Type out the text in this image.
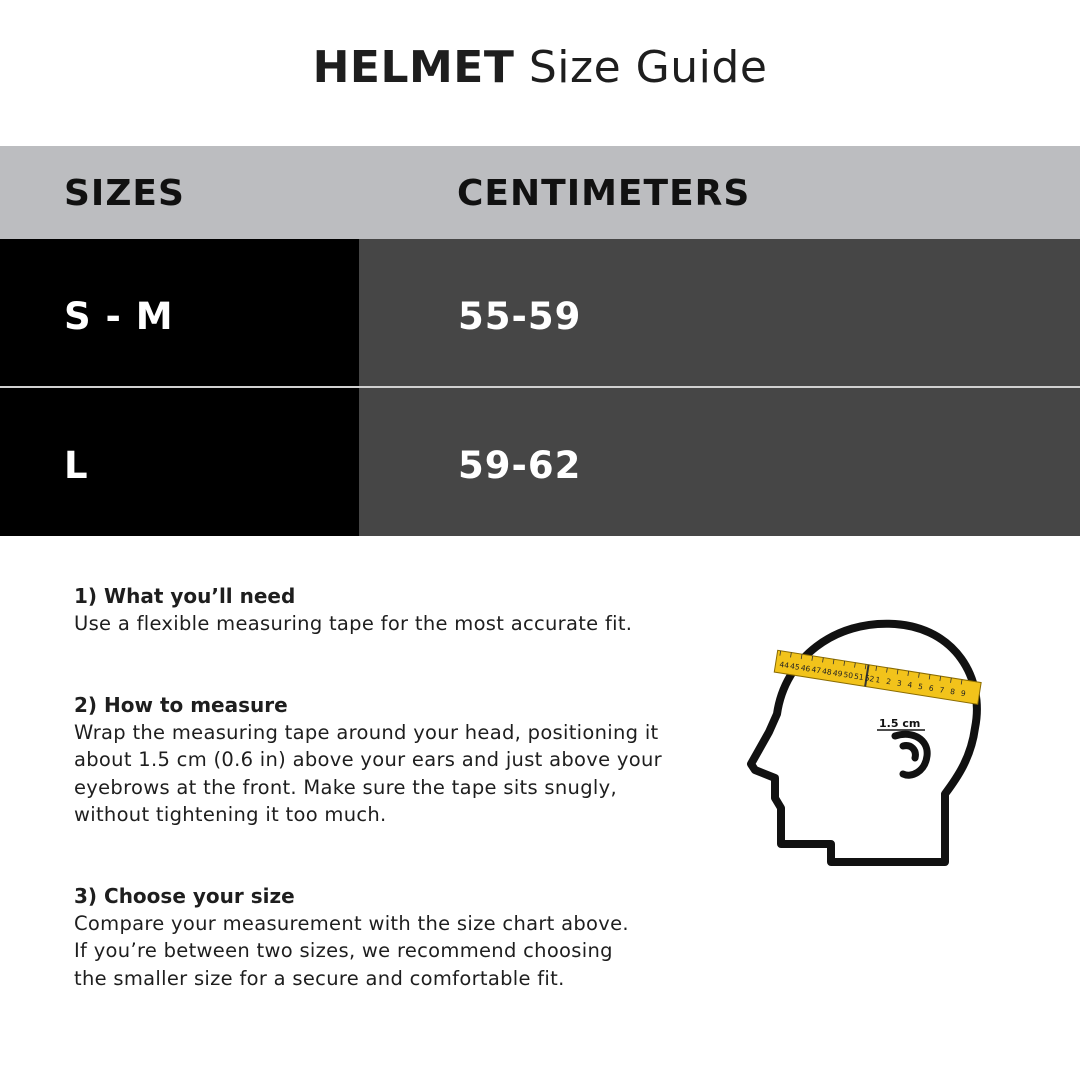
HELMET Size Guide
SIZES	CENTIMETERS
S - M	55-59
L	59-62
1) What you’ll need

Use a flexible measuring tape for the most accurate fit.

2) How to measure

Wrap the measuring tape around your head, positioning it

about 1.5 cm (0.6 in) above your ears and just above your

eyebrows at the front. Make sure the tape sits snugly,

without tightening it too much.

3) Choose your size

Compare your measurement with the size chart above.

If you’re between two sizes, we recommend choosing

the smaller size for a secure and comfortable fit.

44 45 46 47 48 49 50 51 52 1 2 3 4 5 6 7 8 9
1.5 cm
